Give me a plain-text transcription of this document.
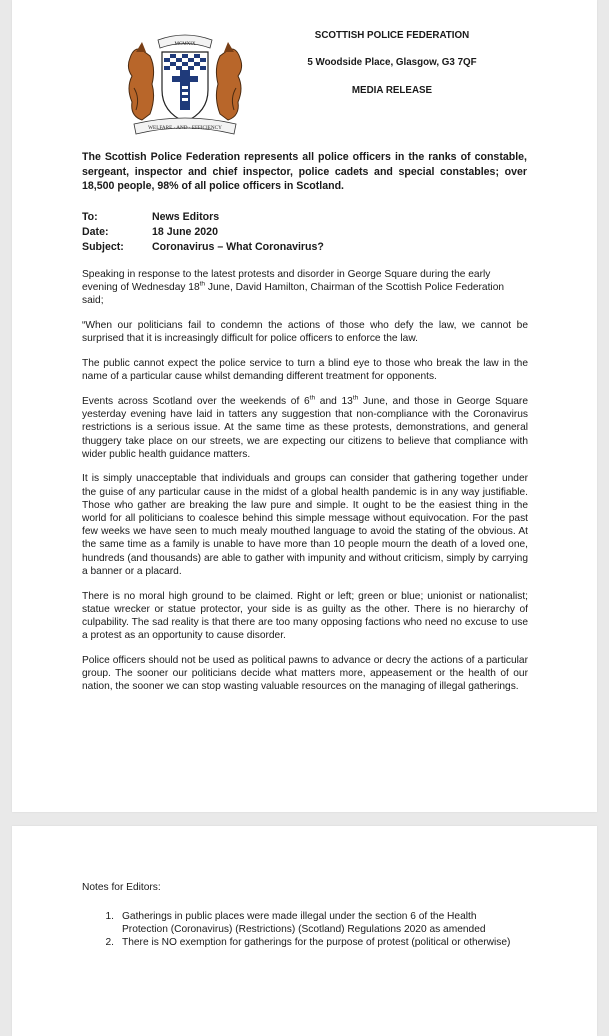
MCMXIX
WELFARE · AND · EFFICIENCY
SCOTTISH POLICE FEDERATION
5 Woodside Place, Glasgow, G3 7QF
MEDIA RELEASE
The Scottish Police Federation represents all police officers in the ranks of constable, sergeant, inspector and chief inspector, police cadets and special constables; over 18,500 people, 98% of all police officers in Scotland.
To:	News Editors
Date:	18 June 2020
Subject:	Coronavirus – What Coronavirus?

Speaking in response to the latest protests and disorder in George Square during the early evening of Wednesday 18th June, David Hamilton, Chairman of the Scottish Police Federation said;

“When our politicians fail to condemn the actions of those who defy the law, we cannot be surprised that it is increasingly difficult for police officers to enforce the law.

The public cannot expect the police service to turn a blind eye to those who break the law in the name of a particular cause whilst demanding different treatment for opponents.

Events across Scotland over the weekends of 6th and 13th June, and those in George Square yesterday evening have laid in tatters any suggestion that non-compliance with the Coronavirus restrictions is a serious issue. At the same time as these protests, demonstrations, and general thuggery take place on our streets, we are expecting our citizens to believe that compliance with wider public health guidance matters.

It is simply unacceptable that individuals and groups can consider that gathering together under the guise of any particular cause in the midst of a global health pandemic is in any way justifiable. Those who gather are breaking the law pure and simple. It ought to be the easiest thing in the world for all politicians to coalesce behind this simple message without equivocation. For the past few weeks we have seen to much mealy mouthed language to avoid the stating of the obvious. At the same time as a family is unable to have more than 10 people mourn the death of a loved one, hundreds (and thousands) are able to gather with impunity and without criticism, simply by carrying a banner or a placard.

There is no moral high ground to be claimed. Right or left; green or blue; unionist or nationalist; statue wrecker or statue protector, your side is as guilty as the other. There is no hierarchy of culpability. The sad reality is that there are too many opposing factions who need no excuse to use a protest as an opportunity to cause disorder.

Police officers should not be used as political pawns to advance or decry the actions of a particular group. The sooner our politicians decide what matters more, appeasement or the health of our nation, the sooner we can stop wasting valuable resources on the managing of illegal gatherings.

Notes for Editors:
1. Gatherings in public places were made illegal under the section 6 of the Health Protection (Coronavirus) (Restrictions) (Scotland) Regulations 2020 as amended
2. There is NO exemption for gatherings for the purpose of protest (political or otherwise)
